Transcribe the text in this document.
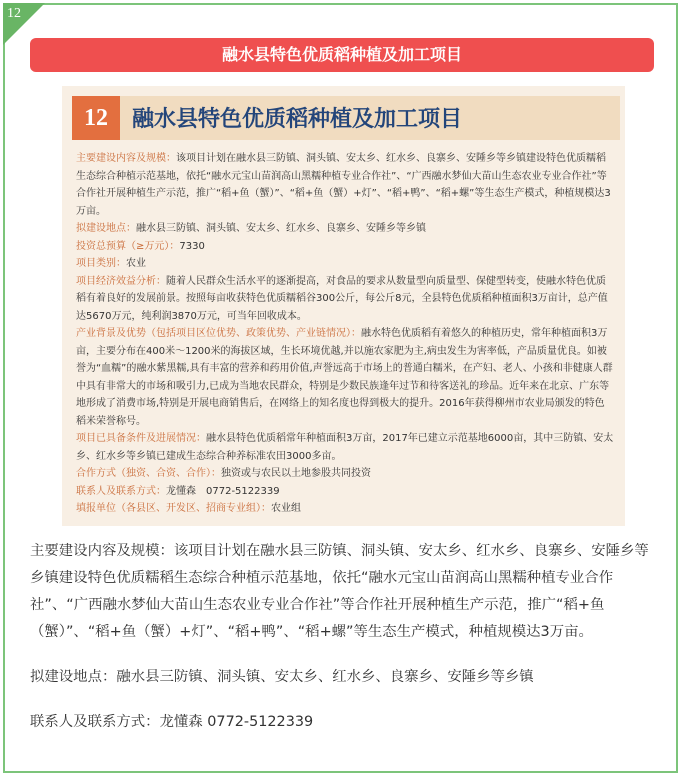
12
融水县特色优质稻种植及加工项目
12	融水县特色优质稻种植及加工项目

主要建设内容及规模：该项目计划在融水县三防镇、洞头镇、安太乡、红水乡、良寨乡、安陲乡等乡镇建设特色优质糯稻生态综合种植示范基地，依托“融水元宝山苗润高山黑糯种植专业合作社”、“广西融水梦仙大苗山生态农业专业合作社”等合作社开展种植生产示范，推广“稻+鱼（蟹）”、“稻+鱼（蟹）+灯”、“稻+鸭”、“稻+螺”等生态生产模式，种植规模达3万亩。

拟建设地点：融水县三防镇、洞头镇、安太乡、红水乡、良寨乡、安陲乡等乡镇

投资总预算（≥万元）：7330

项目类别：农业

项目经济效益分析：随着人民群众生活水平的逐渐提高，对食品的要求从数量型向质量型、保健型转变，使融水特色优质稻有着良好的发展前景。按照每亩收获特色优质糯稻谷300公斤，每公斤8元，全县特色优质稻种植面积3万亩计，总产值达5670万元，纯利润3870万元，可当年回收成本。

产业背景及优势（包括项目区位优势、政策优势、产业链情况）：融水特色优质稻有着悠久的种植历史，常年种植面积3万亩，主要分布在400米～1200米的海拔区域，生长环境优越,并以施农家肥为主,病虫发生为害率低，产品质量优良。如被誉为“血糯”的融水紫黑糯,具有丰富的营养和药用价值,声誉远高于市场上的普通白糯米，在产妇、老人、小孩和非健康人群中具有非常大的市场和吸引力,已成为当地农民群众，特别是少数民族逢年过节和待客送礼的珍品。近年来在北京、广东等地形成了消费市场,特别是开展电商销售后，在网络上的知名度也得到极大的提升。2016年获得柳州市农业局颁发的特色稻米荣誉称号。

项目已具备条件及进展情况：融水县特色优质稻常年种植面积3万亩，2017年已建立示范基地6000亩，其中三防镇、安太乡、红水乡等乡镇已建成生态综合种养标准农田3000多亩。

合作方式（独资、合资、合作）：独资或与农民以土地参股共同投资

联系人及联系方式：龙懂森　0772-5122339

填报单位（各县区、开发区、招商专业组）：农业组

主要建设内容及规模：该项目计划在融水县三防镇、洞头镇、安太乡、红水乡、良寨乡、安陲乡等乡镇建设特色优质糯稻生态综合种植示范基地，依托“融水元宝山苗润高山黑糯种植专业合作社”、“广西融水梦仙大苗山生态农业专业合作社”等合作社开展种植生产示范，推广“稻+鱼（蟹）”、“稻+鱼（蟹）+灯”、“稻+鸭”、“稻+螺”等生态生产模式，种植规模达3万亩。

拟建设地点：融水县三防镇、洞头镇、安太乡、红水乡、良寨乡、安陲乡等乡镇

联系人及联系方式：龙懂森 0772-5122339
